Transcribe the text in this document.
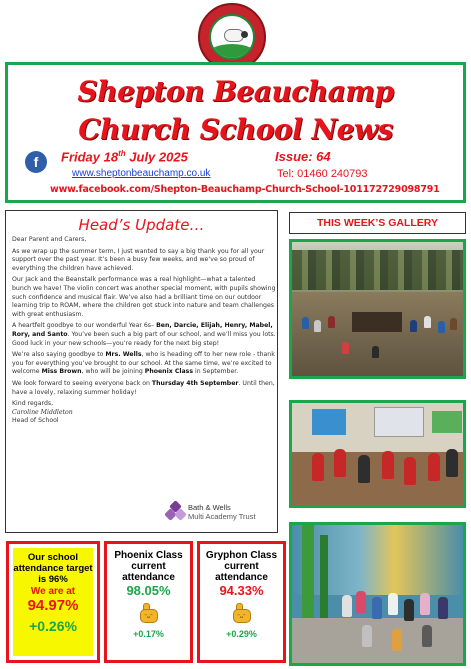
Shepton Beauchamp
Church School News
f	Friday 18th July 2025	Issue: 64
www.sheptonbeauchamp.co.uk	Tel: 01460 240793
www.facebook.com/Shepton-Beauchamp-Church-School-101172729098791
Head’s Update…

Dear Parent and Carers,

As we wrap up the summer term, I just wanted to say a big thank you for all your support over the past year. It’s been a busy few weeks, and we’ve so proud of everything the children have achieved.

Our Jack and the Beanstalk performance was a real highlight—what a talented bunch we have! The violin concert was another special moment, with pupils showing such confidence and musical flair. We’ve also had a brilliant time on our outdoor learning trip to ROAM, where the children got stuck into nature and team challenges with great enthusiasm.

A heartfelt goodbye to our wonderful Year 6s– Ben, Darcie, Elijah, Henry, Mabel, Rory, and Santo. You’ve been such a big part of our school, and we’ll miss you lots. Good luck in your new schools—you’re ready for the next big step!

We’re also saying goodbye to Mrs. Wells, who is heading off to her new role - thank you for everything you’ve brought to our school. At the same time, we’re excited to welcome Miss Brown, who will be joining Phoenix Class in September.

We look forward to seeing everyone back on Thursday 4th September. Until then, have a lovely, relaxing summer holiday!

Kind regards,
Caroline Middleton
Head of School
Bath & Wells
Multi Academy Trust
THIS WEEK’S GALLERY
Our school attendance target is 96%
We are at
94.97%
+0.26%
Phoenix Class current attendance
98.05%
ᵔᴗᵔ
+0.17%
Gryphon Class current attendance
94.33%
ᵔᴗᵔ
+0.29%
